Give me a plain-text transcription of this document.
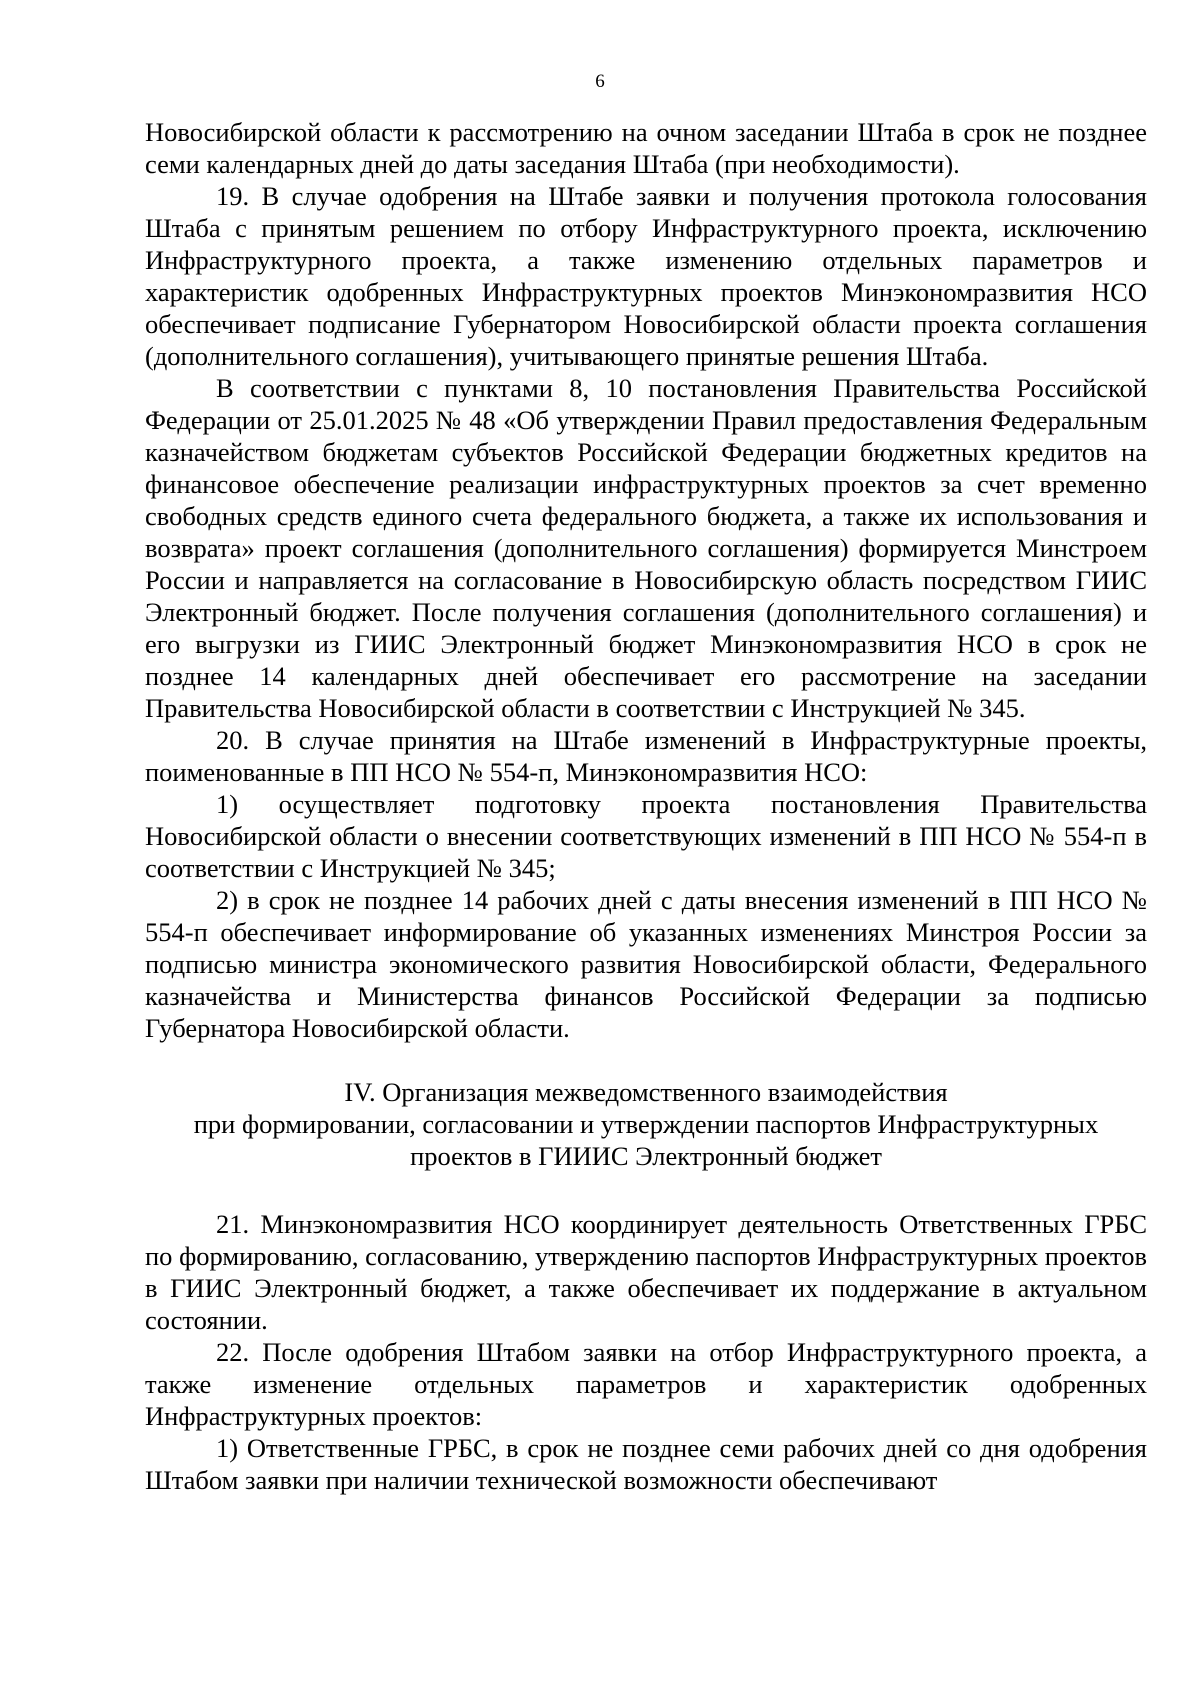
6

Новосибирской области к рассмотрению на очном заседании Штаба в срок не позднее семи календарных дней до даты заседания Штаба (при необходимости).

19. В случае одобрения на Штабе заявки и получения протокола голосования Штаба с принятым решением по отбору Инфраструктурного проекта, исключению Инфраструктурного проекта, а также изменению отдельных параметров и характеристик одобренных Инфраструктурных проектов Минэкономразвития НСО обеспечивает подписание Губернатором Новосибирской области проекта соглашения (дополнительного соглашения), учитывающего принятые решения Штаба.

В соответствии с пунктами 8, 10 постановления Правительства Российской Федерации от 25.01.2025 № 48 «Об утверждении Правил предоставления Федеральным казначейством бюджетам субъектов Российской Федерации бюджетных кредитов на финансовое обеспечение реализации инфраструктурных проектов за счет временно свободных средств единого счета федерального бюджета, а также их использования и возврата» проект соглашения (дополнительного соглашения) формируется Минстроем России и направляется на согласование в Новосибирскую область посредством ГИИС Электронный бюджет. После получения соглашения (дополнительного соглашения) и его выгрузки из ГИИС Электронный бюджет Минэкономразвития НСО в срок не позднее 14 календарных дней обеспечивает его рассмотрение на заседании Правительства Новосибирской области в соответствии с Инструкцией № 345.

20. В случае принятия на Штабе изменений в Инфраструктурные проекты, поименованные в ПП НСО № 554-п, Минэкономразвития НСО:

1) осуществляет подготовку проекта постановления Правительства Новосибирской области о внесении соответствующих изменений в ПП НСО № 554-п в соответствии с Инструкцией № 345;

2) в срок не позднее 14 рабочих дней с даты внесения изменений в ПП НСО № 554-п обеспечивает информирование об указанных изменениях Минстроя России за подписью министра экономического развития Новосибирской области, Федерального казначейства и Министерства финансов Российской Федерации за подписью Губернатора Новосибирской области.

IV. Организация межведомственного взаимодействия
при формировании, согласовании и утверждении паспортов Инфраструктурных
проектов в ГИИИС Электронный бюджет

21. Минэкономразвития НСО координирует деятельность Ответственных ГРБС по формированию, согласованию, утверждению паспортов Инфраструктурных проектов в ГИИС Электронный бюджет, а также обеспечивает их поддержание в актуальном состоянии.

22. После одобрения Штабом заявки на отбор Инфраструктурного проекта, а также изменение отдельных параметров и характеристик одобренных Инфраструктурных проектов:

1) Ответственные ГРБС, в срок не позднее семи рабочих дней со дня одобрения Штабом заявки при наличии технической возможности обеспечивают
